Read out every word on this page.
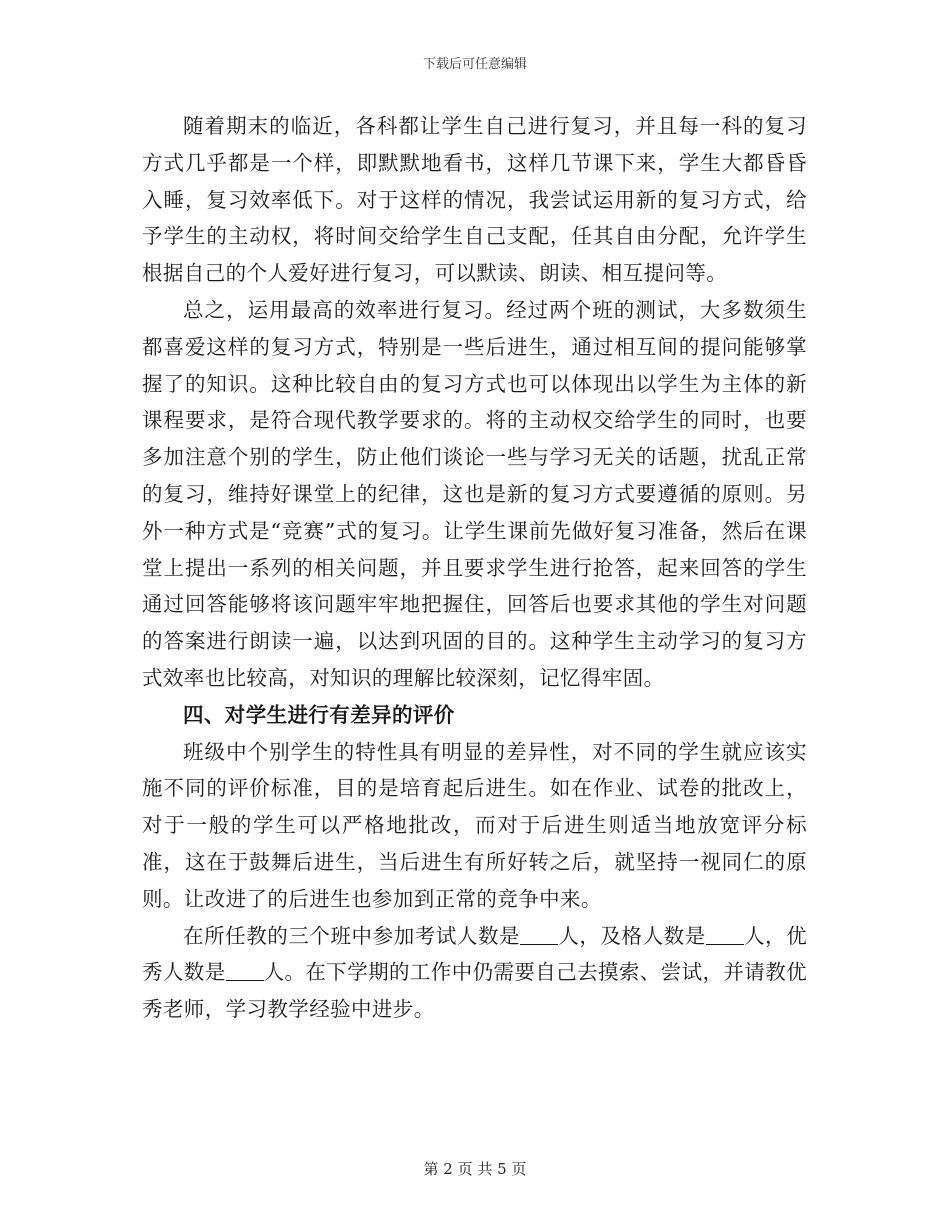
下载后可任意编辑

随着期末的临近，各科都让学生自己进行复习，并且每一科的复习方式几乎都是一个样，即默默地看书，这样几节课下来，学生大都昏昏入睡，复习效率低下。对于这样的情况，我尝试运用新的复习方式，给予学生的主动权，将时间交给学生自己支配，任其自由分配，允许学生根据自己的个人爱好进行复习，可以默读、朗读、相互提问等。

总之，运用最高的效率进行复习。经过两个班的测试，大多数须生都喜爱这样的复习方式，特别是一些后进生，通过相互间的提问能够掌握了的知识。这种比较自由的复习方式也可以体现出以学生为主体的新课程要求，是符合现代教学要求的。将的主动权交给学生的同时，也要多加注意个别的学生，防止他们谈论一些与学习无关的话题，扰乱正常的复习，维持好课堂上的纪律，这也是新的复习方式要遵循的原则。另外一种方式是“竞赛”式的复习。让学生课前先做好复习准备，然后在课堂上提出一系列的相关问题，并且要求学生进行抢答，起来回答的学生通过回答能够将该问题牢牢地把握住，回答后也要求其他的学生对问题的答案进行朗读一遍，以达到巩固的目的。这种学生主动学习的复习方式效率也比较高，对知识的理解比较深刻，记忆得牢固。

四、对学生进行有差异的评价

班级中个别学生的特性具有明显的差异性，对不同的学生就应该实施不同的评价标准，目的是培育起后进生。如在作业、试卷的批改上，对于一般的学生可以严格地批改，而对于后进生则适当地放宽评分标准，这在于鼓舞后进生，当后进生有所好转之后，就坚持一视同仁的原则。让改进了的后进生也参加到正常的竞争中来。

在所任教的三个班中参加考试人数是 人，及格人数是 人，优秀人数是 人。在下学期的工作中仍需要自己去摸索、尝试，并请教优秀老师，学习教学经验中进步。

第 2 页 共 5 页
